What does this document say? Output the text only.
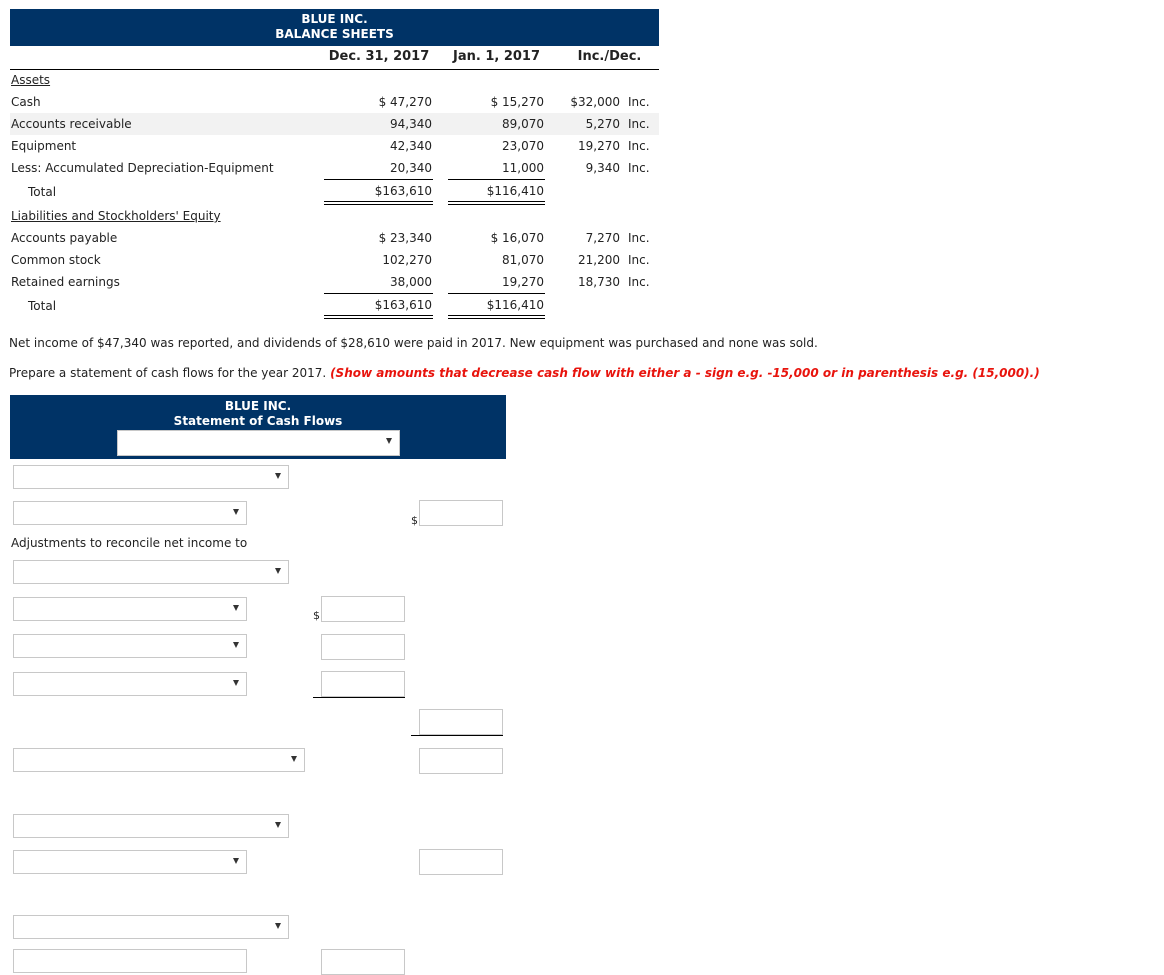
BLUE INC.
BALANCE SHEETS
Dec. 31, 2017	Jan. 1, 2017	Inc./Dec.
Assets
Cash	$ 47,270	$ 15,270	$32,000 Inc.
Accounts receivable	94,340	89,070	5,270 Inc.
Equipment	42,340	23,070	19,270 Inc.
Less: Accumulated Depreciation-Equipment	20,340	11,000	9,340 Inc.
Total	$163,610	$116,410
Liabilities and Stockholders' Equity
Accounts payable	$ 23,340	$ 16,070	7,270 Inc.
Common stock	102,270	81,070	21,200 Inc.
Retained earnings	38,000	19,270	18,730 Inc.
Total	$163,610	$116,410
Net income of $47,340 was reported, and dividends of $28,610 were paid in 2017. New equipment was purchased and none was sold.
Prepare a statement of cash flows for the year 2017. (Show amounts that decrease cash flow with either a - sign e.g. -15,000 or in parenthesis e.g. (15,000).)
BLUE INC.
Statement of Cash Flows
$
Adjustments to reconcile net income to
$
